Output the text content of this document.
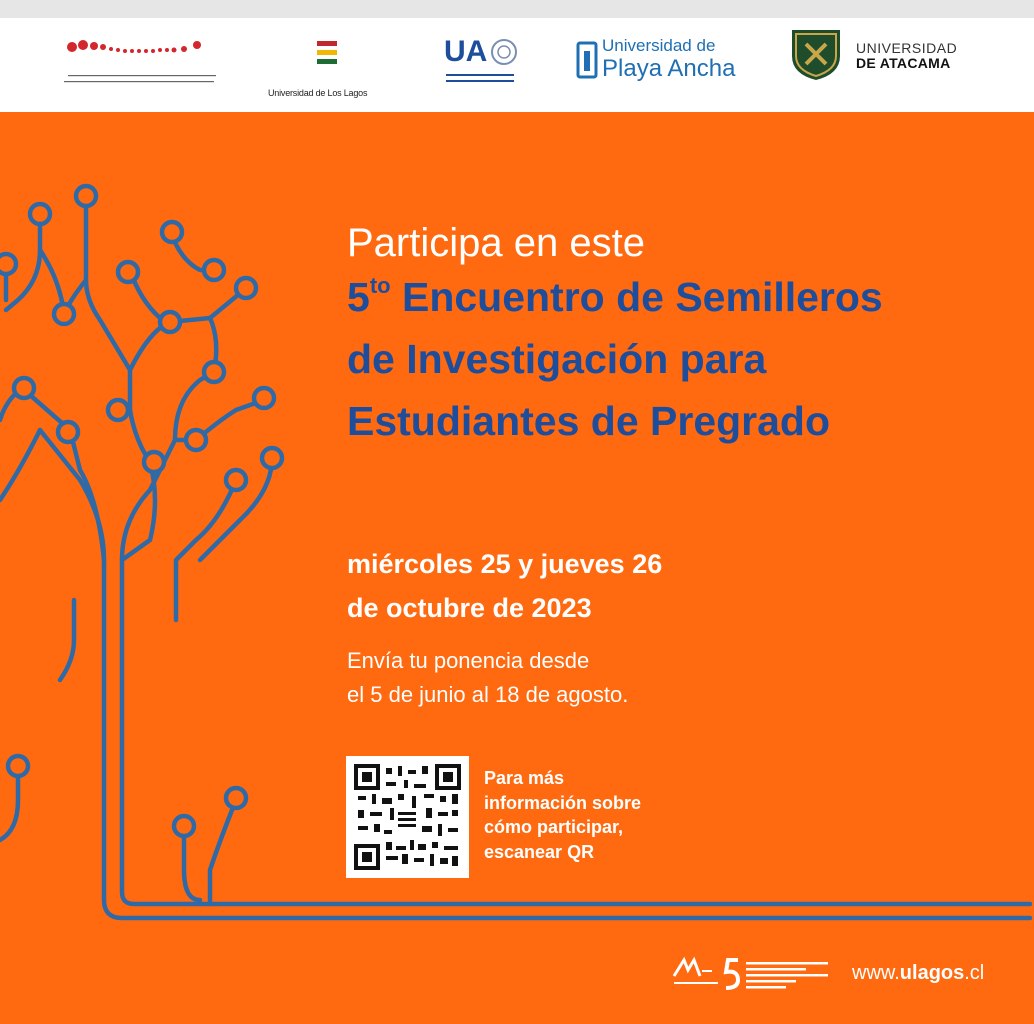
Universidad de Los Lagos
UA	Universidad de
Playa Ancha
UNIVERSIDAD
DE ATACAMA
Participa en este
$5^{to}$ Encuentro de Semilleros
de Investigación para
Estudiantes de Pregrado
miércoles 25 y jueves 26
de octubre de 2023
Envía tu ponencia desde
el 5 de junio al 18 de agosto.
Para más
información sobre
cómo participar,
escanear QR
www.ulagos.cl
